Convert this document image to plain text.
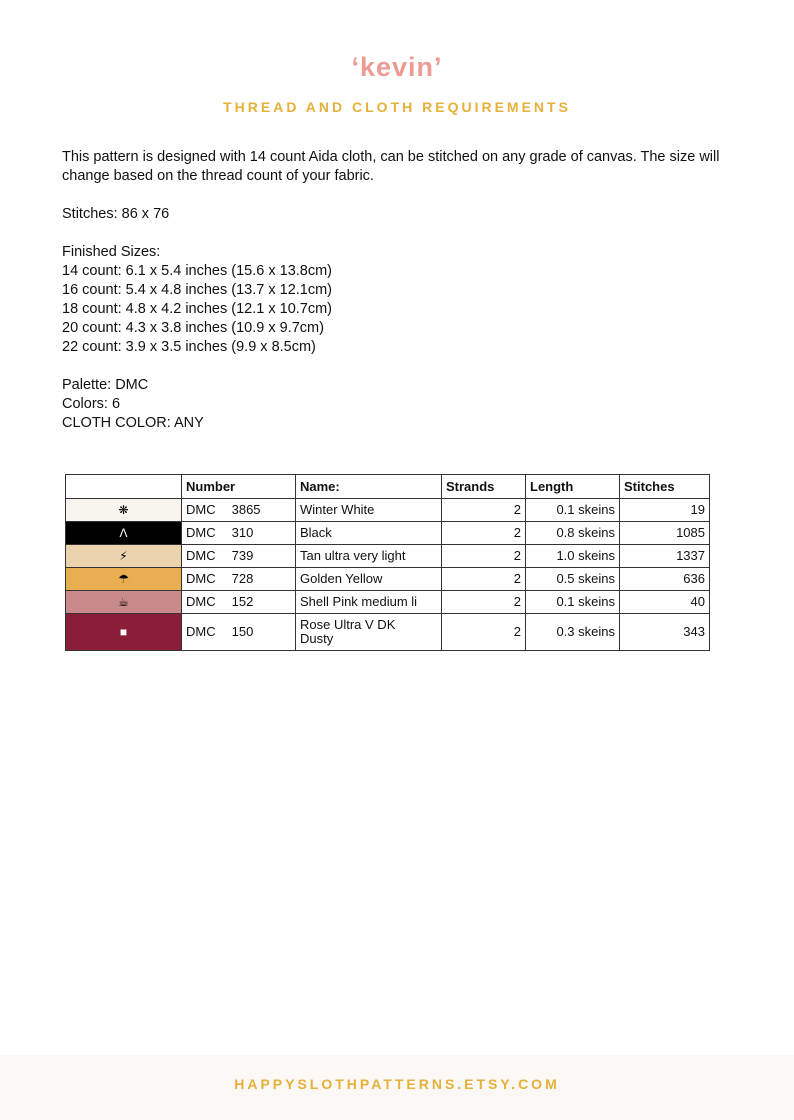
‘kevin’
THREAD AND CLOTH REQUIREMENTS

This pattern is designed with 14 count Aida cloth, can be stitched on any grade of canvas. The size will change based on the thread count of your fabric.

Stitches: 86 x 76

Finished Sizes:

14 count: 6.1 x 5.4 inches (15.6 x 13.8cm)

16 count: 5.4 x 4.8 inches (13.7 x 12.1cm)

18 count: 4.8 x 4.2 inches (12.1 x 10.7cm)

20 count: 4.3 x 3.8 inches (10.9 x 9.7cm)

22 count: 3.9 x 3.5 inches (9.9 x 8.5cm)

Palette: DMC

Colors: 6

CLOTH COLOR: ANY

	Number	Name:	Strands	Length	Stitches
❋	DMC 3865	Winter White	2	0.1 skeins	19
Λ	DMC 310	Black	2	0.8 skeins	1085
⚡	DMC 739	Tan ultra very light	2	1.0 skeins	1337
☂	DMC 728	Golden Yellow	2	0.5 skeins	636
☕	DMC 152	Shell Pink medium li	2	0.1 skeins	40
■	DMC 150	Rose Ultra V DK
Dusty	2	0.3 skeins	343
HAPPYSLOTHPATTERNS.ETSY.COM
